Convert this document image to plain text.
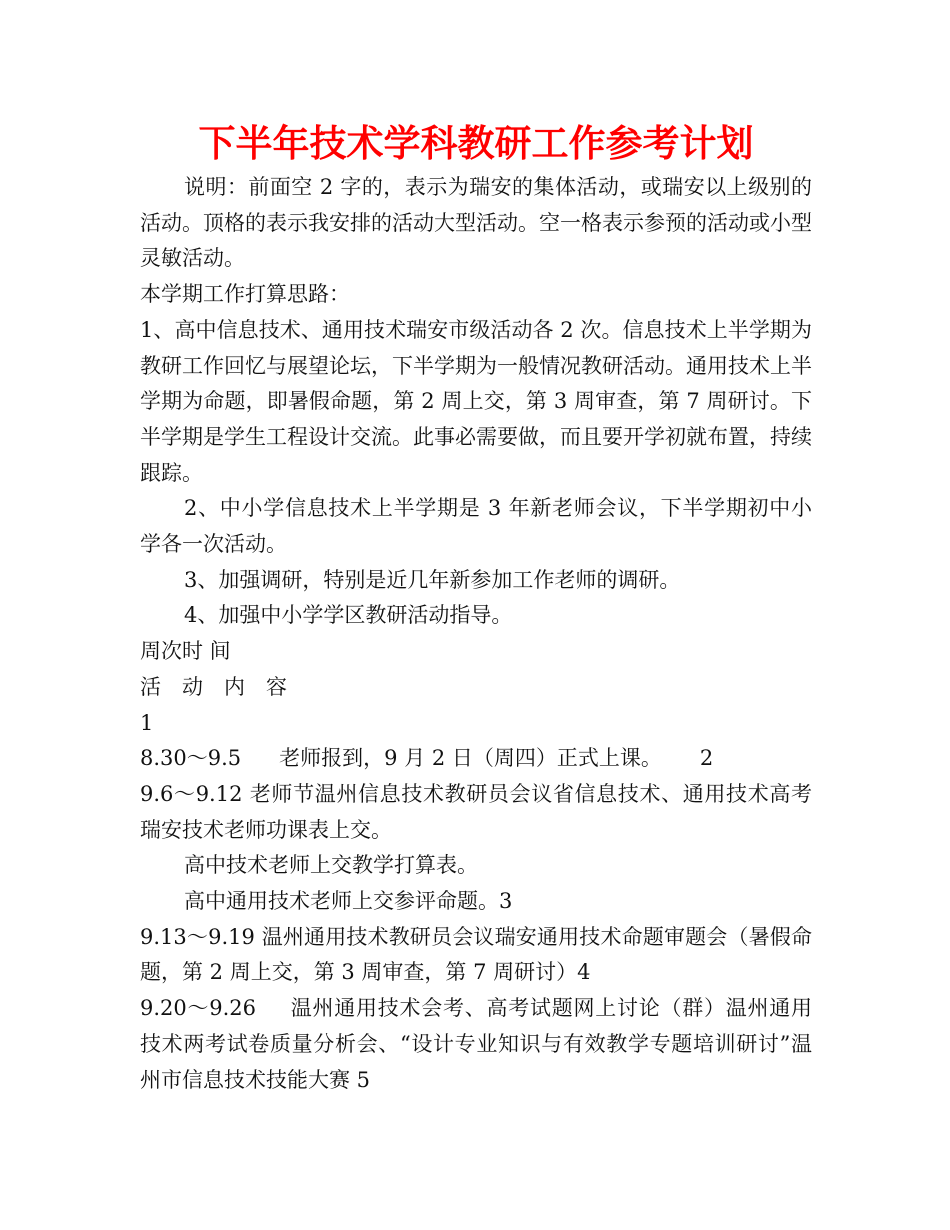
下半年技术学科教研工作参考计划

说明：前面空 2 字的，表示为瑞安的集体活动，或瑞安以上级别的活动。顶格的表示我安排的活动大型活动。空一格表示参预的活动或小型灵敏活动。

本学期工作打算思路：

1、高中信息技术、通用技术瑞安市级活动各 2 次。信息技术上半学期为教研工作回忆与展望论坛，下半学期为一般情况教研活动。通用技术上半学期为命题，即暑假命题，第 2 周上交，第 3 周审查，第 7 周研讨。下半学期是学生工程设计交流。此事必需要做，而且要开学初就布置，持续跟踪。

2、中小学信息技术上半学期是 3 年新老师会议，下半学期初中小学各一次活动。

3、加强调研，特别是近几年新参加工作老师的调研。

4、加强中小学学区教研活动指导。

周次时 间

活　动　内　容

1

8.30～9.5 老师报到，9 月 2 日（周四）正式上课。 2

9.6～9.12 老师节温州信息技术教研员会议省信息技术、通用技术高考瑞安技术老师功课表上交。

高中技术老师上交教学打算表。

高中通用技术老师上交参评命题。3

9.13～9.19 温州通用技术教研员会议瑞安通用技术命题审题会（暑假命题，第 2 周上交，第 3 周审查，第 7 周研讨）4

9.20～9.26 温州通用技术会考、高考试题网上讨论（群）温州通用技术两考试卷质量分析会、“设计专业知识与有效教学专题培训研讨”温州市信息技术技能大赛 5
